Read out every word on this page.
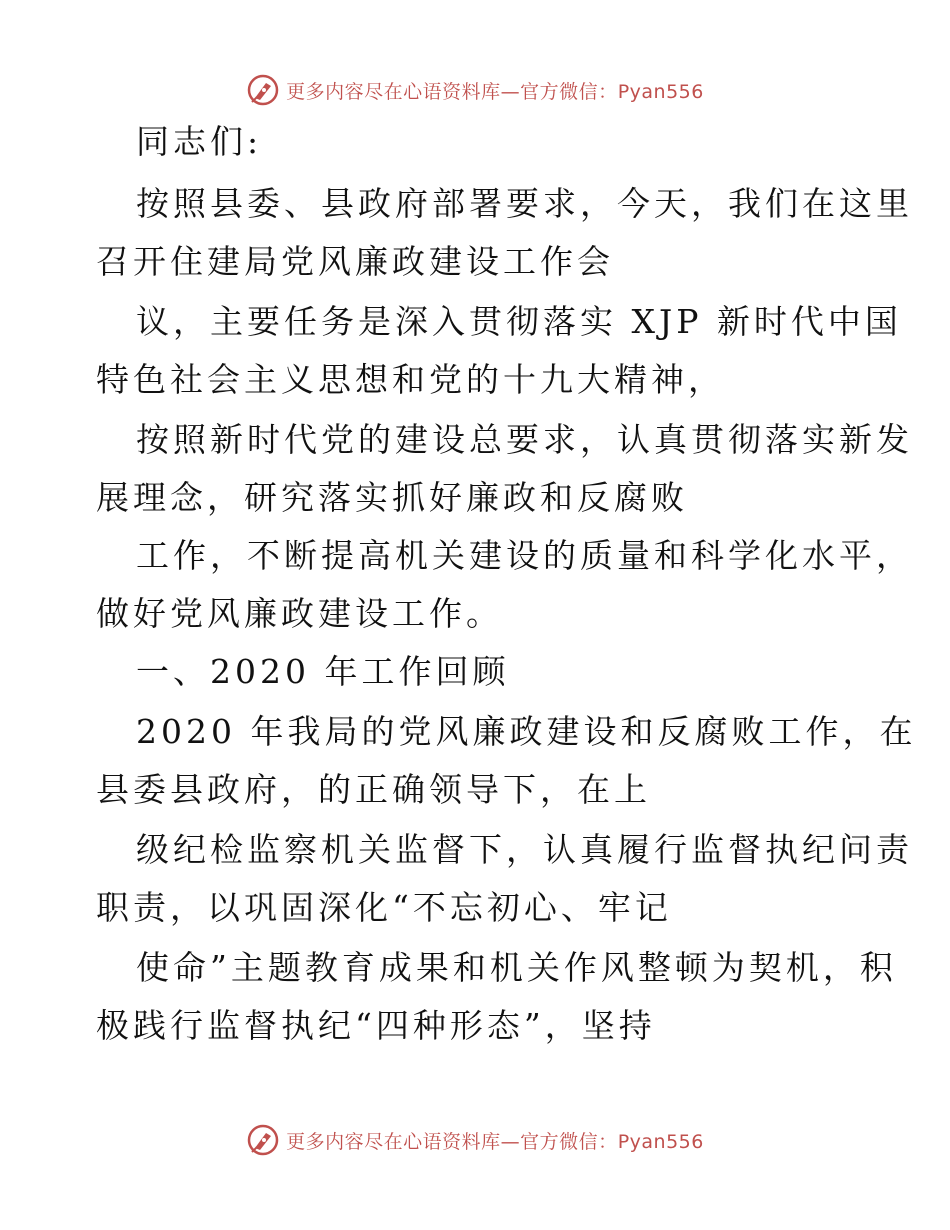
更多内容尽在心语资料库—官方微信：Pyan556
同志们:
按照县委、县政府部署要求，今天，我们在这里
召开住建局党风廉政建设工作会
议，主要任务是深入贯彻落实 XJP 新时代中国
特色社会主义思想和党的十九大精神，
按照新时代党的建设总要求，认真贯彻落实新发
展理念，研究落实抓好廉政和反腐败
工作，不断提高机关建设的质量和科学化水平，
做好党风廉政建设工作。
一、2020 年工作回顾
2020 年我局的党风廉政建设和反腐败工作，在
县委县政府，的正确领导下，在上
级纪检监察机关监督下，认真履行监督执纪问责
职责，以巩固深化“不忘初心、牢记
使命”主题教育成果和机关作风整顿为契机，积
极践行监督执纪“四种形态”，坚持
更多内容尽在心语资料库—官方微信：Pyan556
